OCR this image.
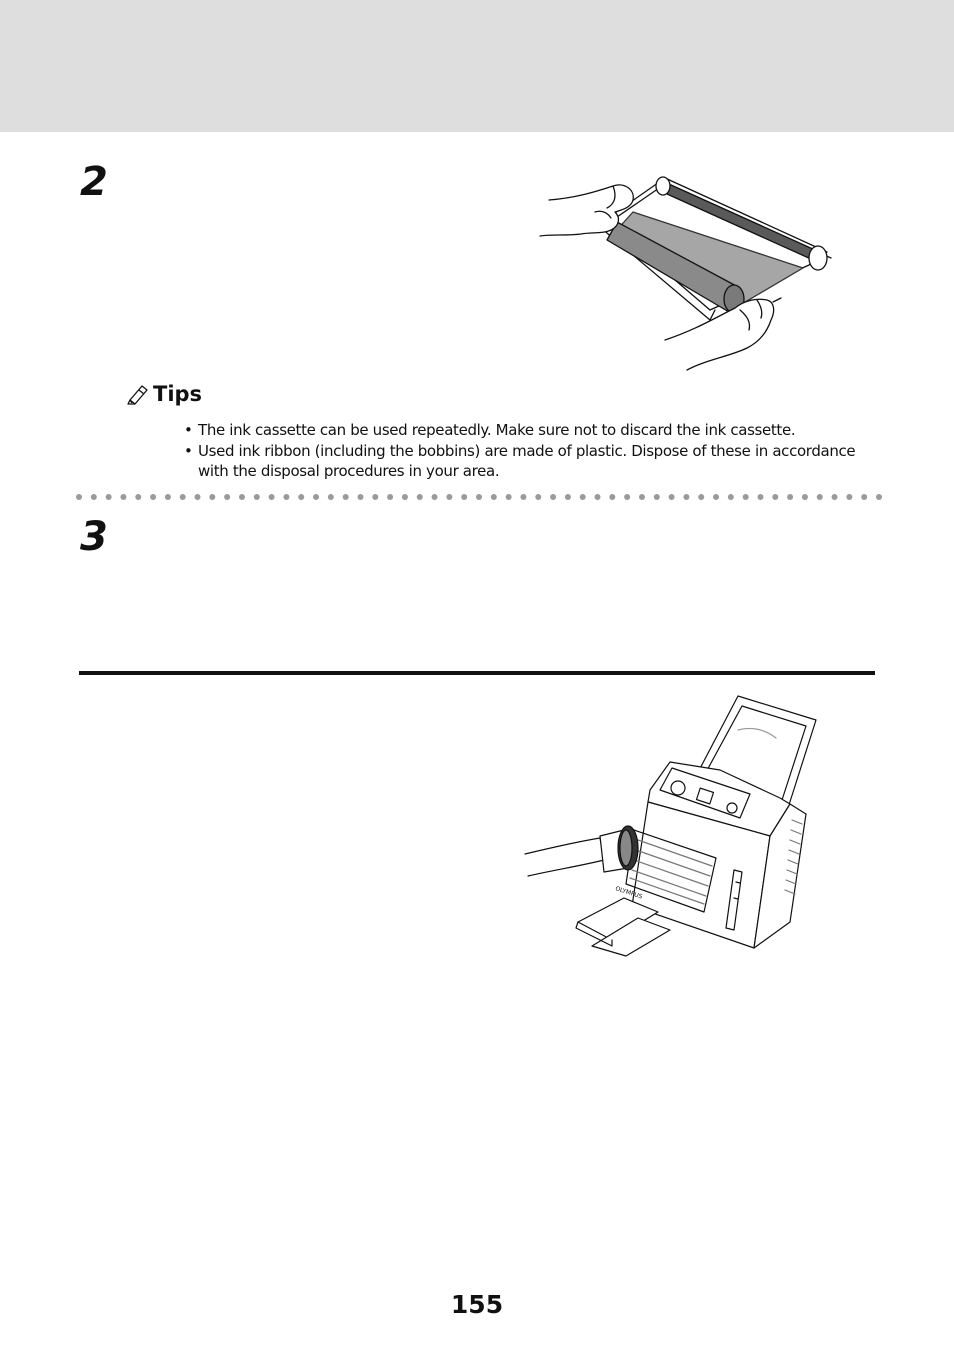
2
Tips
• The ink cassette can be used repeatedly. Make sure not to discard the ink cassette.
• Used ink ribbon (including the bobbins) are made of plastic. Dispose of these in accordance with the disposal procedures in your area.
3
OLYMPUS
155
